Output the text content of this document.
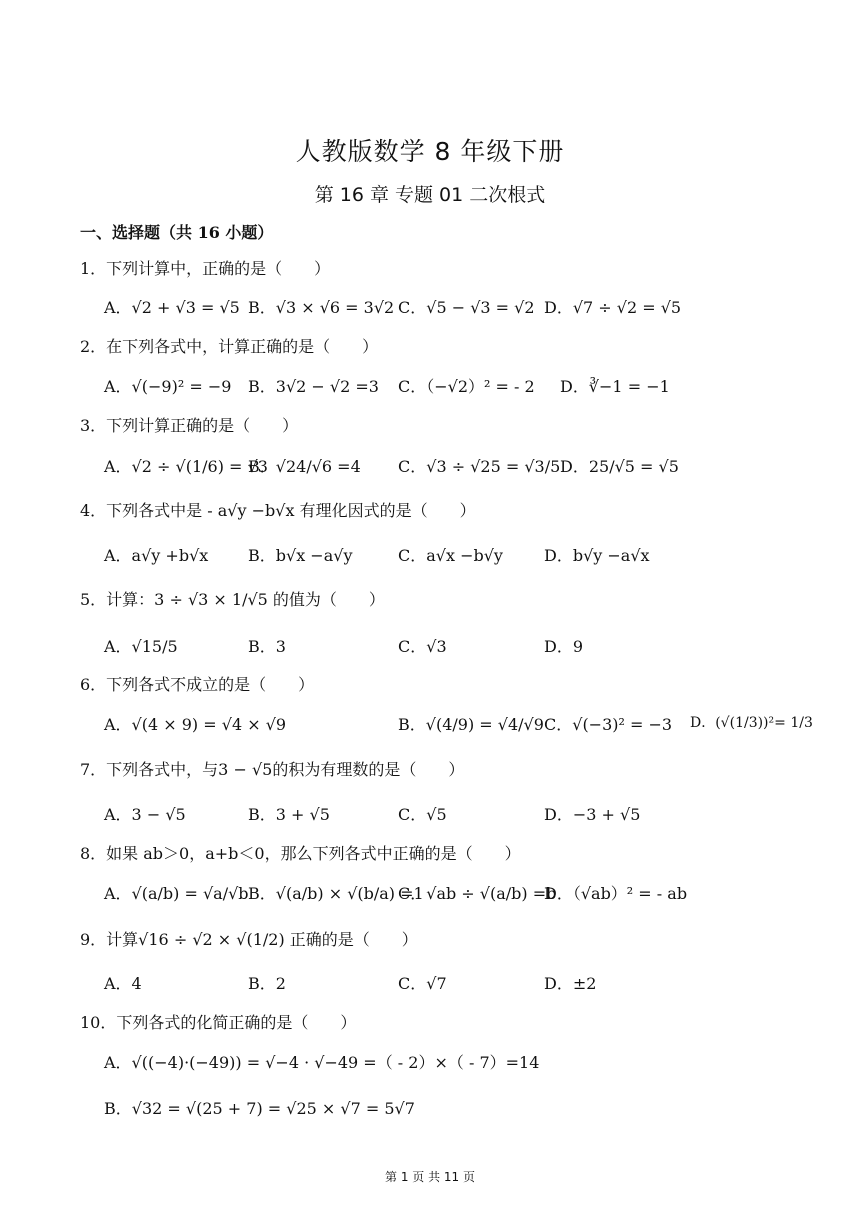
人教版数学 8 年级下册
第 16 章 专题 01 二次根式
一、选择题（共 16 小题）
1．下列计算中，正确的是（　　）
A．√2 + √3 = √5 B．√3 × √6 = 3√2 C．√5 − √3 = √2 D．√7 ÷ √2 = √5
2．在下列各式中，计算正确的是（　　）
A．√(−9)² = −9 B．3√2 − √2 =3 C．（−√2）² = - 2 D．∛−1 = −1
3．下列计算正确的是（　　）
A．√2 ÷ √(1/6) = √3
B．√24/√6 =4 C．√3 ÷ √25 = √3/5 D．25/√5 = √5
4．下列各式中是 - a√y −b√x 有理化因式的是（　　）
A．a√y +b√x B．b√x −a√y	C．a√x −b√y	D．b√y −a√x
5．计算：3 ÷ √3 × 1/√5 的值为（　　）
A．√15/5	B．3	C．√3	D．9
6．下列各式不成立的是（　　）
A．√(4 × 9) = √4 × √9	B．√(4/9) = √4/√9 C．√(−3)² = −3 D．(√(1/3))²= 1/3
7．下列各式中，与3 − √5的积为有理数的是（　　）
A．3 − √5	B．3 + √5	C．√5	D．−3 + √5
8．如果 ab＞0，a+b＜0，那么下列各式中正确的是（　　）
A．√(a/b) = √a/√b B．√(a/b) × √(b/a) =1
C．√ab ÷ √(a/b) =b
D．（√ab）² = - ab
9．计算√16 ÷ √2 × √(1/2) 正确的是（　　）
A．4	B．2	C．√7	D．±2
10．下列各式的化简正确的是（　　）
A．√((−4)·(−49)) = √−4 · √−49 =（ - 2）×（ - 7）=14
B．√32 = √(25 + 7) = √25 × √7 = 5√7
第 1 页 共 11 页
